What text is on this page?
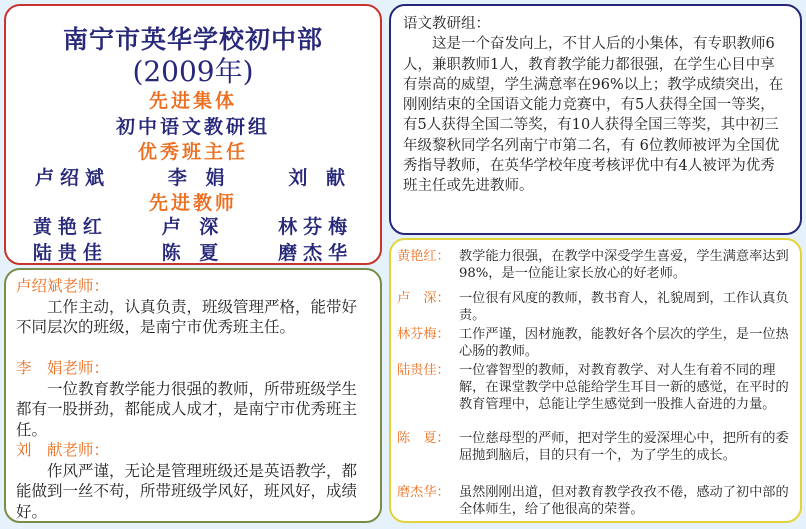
南宁市英华学校初中部
(2009年)
先进集体
初中语文教研组
优秀班主任
卢绍斌	李 娟	刘 献
先进教师
黄艳红	卢 深	林芬梅
陆贵佳	陈 夏	磨杰华
卢绍斌老师：
工作主动，认真负责，班级管理严格，能带好不同层次的班级，是南宁市优秀班主任。
李　娟老师：
一位教育教学能力很强的教师，所带班级学生都有一股拼劲，都能成人成才，是南宁市优秀班主任。
刘　献老师：
作风严谨，无论是管理班级还是英语教学，都能做到一丝不苟，所带班级学风好，班风好，成绩好。
语文教研组：
这是一个奋发向上，不甘人后的小集体，有专职教师6人，兼职教师1人，教育教学能力都很强，在学生心目中享有崇高的威望，学生满意率在96%以上；教学成绩突出，在刚刚结束的全国语文能力竞赛中，有5人获得全国一等奖，有5人获得全国二等奖，有10人获得全国三等奖，其中初三年级黎秋同学名列南宁市第二名，有 6位教师被评为全国优秀指导教师，在英华学校年度考核评优中有4人被评为优秀班主任或先进教师。
黄艳红： 教学能力很强，在教学中深受学生喜爱，学生满意率达到98%，是一位能让家长放心的好老师。
卢　深： 一位很有风度的教师，教书育人，礼貌周到，工作认真负责。
林芬梅： 工作严谨，因材施教，能教好各个层次的学生，是一位热心肠的教师。
陆贵佳： 一位睿智型的教师，对教育教学、对人生有着不同的理解，在课堂教学中总能给学生耳目一新的感觉，在平时的教育管理中，总能让学生感觉到一股推人奋进的力量。
陈　夏： 一位慈母型的严师，把对学生的爱深埋心中，把所有的委屈抛到脑后，目的只有一个，为了学生的成长。
磨杰华： 虽然刚刚出道，但对教育教学孜孜不倦，感动了初中部的全体师生，给了他很高的荣誉。
